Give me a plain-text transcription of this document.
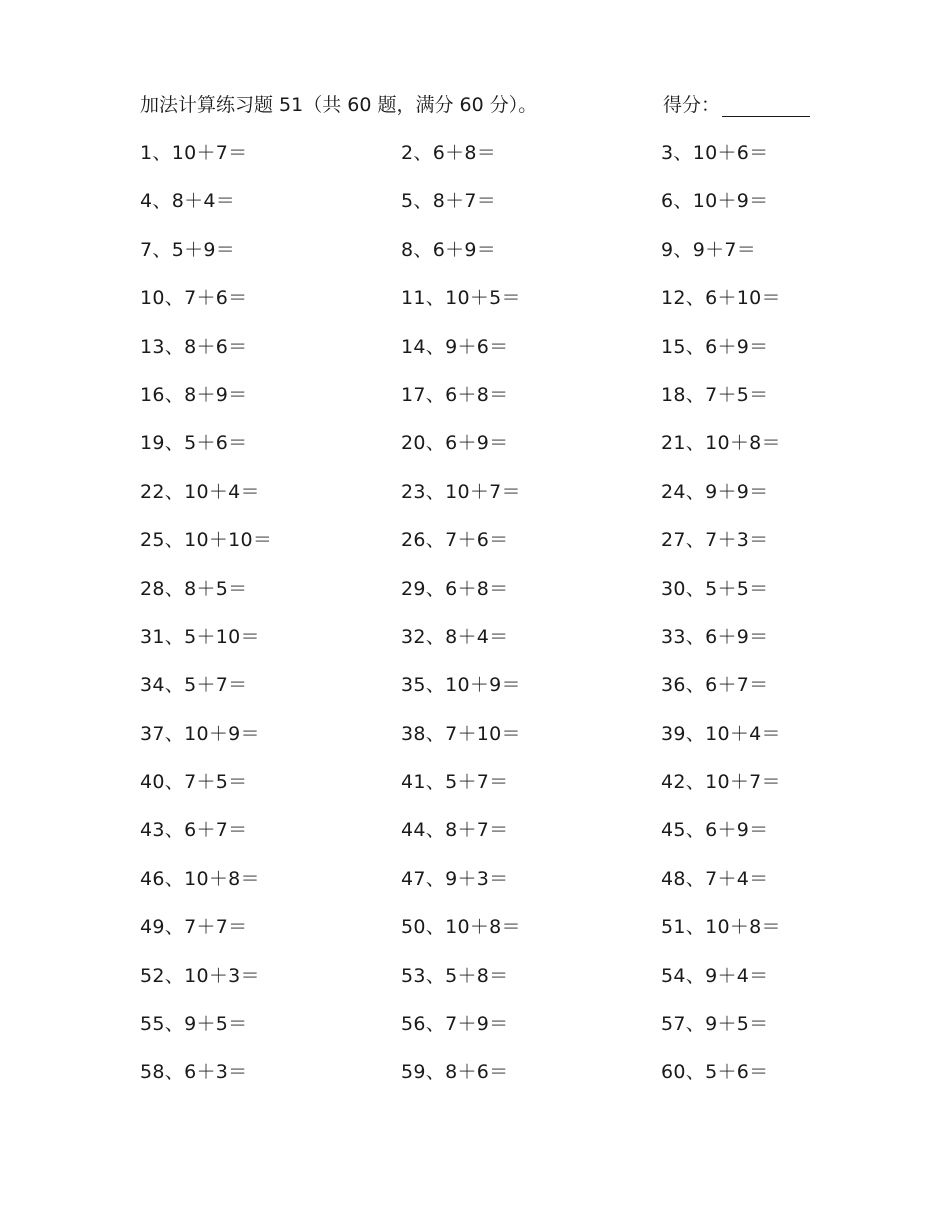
加法计算练习题 51（共 60 题，满分 60 分）。	得分：
1、10＋7＝	2、6＋8＝	3、10＋6＝
4、8＋4＝	5、8＋7＝	6、10＋9＝
7、5＋9＝	8、6＋9＝	9、9＋7＝
10、7＋6＝	11、10＋5＝	12、6＋10＝
13、8＋6＝	14、9＋6＝	15、6＋9＝
16、8＋9＝	17、6＋8＝	18、7＋5＝
19、5＋6＝	20、6＋9＝	21、10＋8＝
22、10＋4＝	23、10＋7＝	24、9＋9＝
25、10＋10＝	26、7＋6＝	27、7＋3＝
28、8＋5＝	29、6＋8＝	30、5＋5＝
31、5＋10＝	32、8＋4＝	33、6＋9＝
34、5＋7＝	35、10＋9＝	36、6＋7＝
37、10＋9＝	38、7＋10＝	39、10＋4＝
40、7＋5＝	41、5＋7＝	42、10＋7＝
43、6＋7＝	44、8＋7＝	45、6＋9＝
46、10＋8＝	47、9＋3＝	48、7＋4＝
49、7＋7＝	50、10＋8＝	51、10＋8＝
52、10＋3＝	53、5＋8＝	54、9＋4＝
55、9＋5＝	56、7＋9＝	57、9＋5＝
58、6＋3＝	59、8＋6＝	60、5＋6＝
